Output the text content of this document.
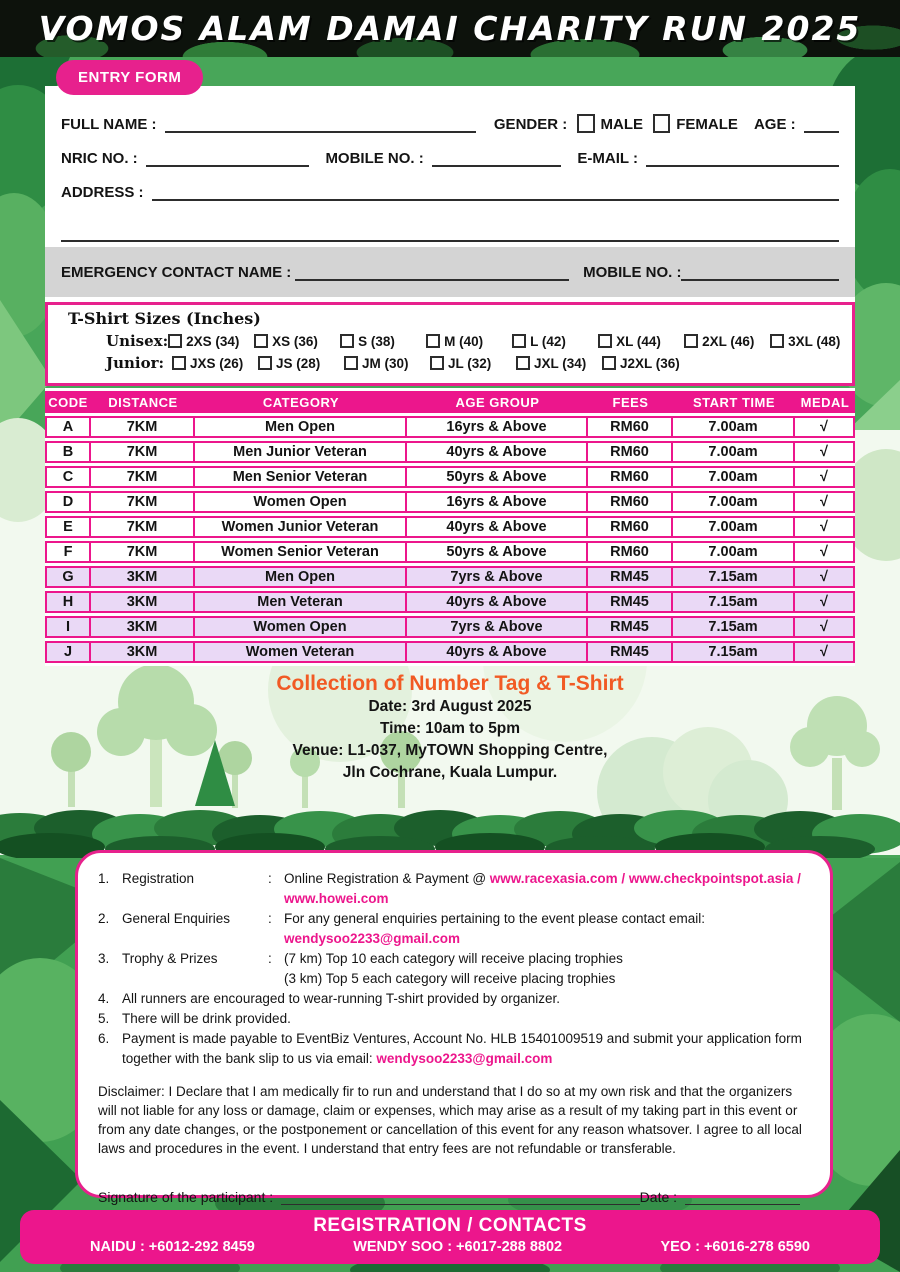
VOMOS ALAM DAMAI CHARITY RUN 2025
ENTRY FORM
FULL NAME :	GENDER : MALE FEMALE AGE :
NRIC NO. :	MOBILE NO. :	E-MAIL :
ADDRESS :
EMERGENCY CONTACT NAME :	MOBILE NO. :
T-Shirt Sizes (Inches)
Unisex: 2XS (34) XS (36)	S (38)	M (40)	L (42)	XL (44)	2XL (46) 3XL (48)
Junior:	JXS (26) JS (28)	JM (30)	JL (32)	JXL (34) J2XL (36)
CODE	DISTANCE	CATEGORY	AGE GROUP	FEES	START TIME	MEDAL
A	7KM	Men Open	16yrs & Above	RM60	7.00am	√
B	7KM	Men Junior Veteran	40yrs & Above	RM60	7.00am	√
C	7KM	Men Senior Veteran	50yrs & Above	RM60	7.00am	√
D	7KM	Women Open	16yrs & Above	RM60	7.00am	√
E	7KM	Women Junior Veteran	40yrs & Above	RM60	7.00am	√
F	7KM	Women Senior Veteran	50yrs & Above	RM60	7.00am	√
G	3KM	Men Open	7yrs & Above	RM45	7.15am	√
H	3KM	Men Veteran	40yrs & Above	RM45	7.15am	√
I	3KM	Women Open	7yrs & Above	RM45	7.15am	√
J	3KM	Women Veteran	40yrs & Above	RM45	7.15am	√
Collection of Number Tag & T-Shirt
Date: 3rd August 2025
Time: 10am to 5pm
Venue: L1-037, MyTOWN Shopping Centre,
Jln Cochrane, Kuala Lumpur.
1. Registration	: Online Registration & Payment @ www.racexasia.com / www.checkpointspot.asia / www.howei.com
2. General Enquiries	: For any general enquiries pertaining to the event please contact email: wendysoo2233@gmail.com
3. Trophy & Prizes	: (7 km) Top 10 each category will receive placing trophies
(3 km) Top 5 each category will receive placing trophies
4. All runners are encouraged to wear-running T-shirt provided by organizer.
5. There will be drink provided.
6. Payment is made payable to EventBiz Ventures, Account No. HLB 15401009519 and submit your application form together with the bank slip to us via email: wendysoo2233@gmail.com
Disclaimer: I Declare that I am medically fir to run and understand that I do so at my own risk and that the organizers will not liable for any loss or damage, claim or expenses, which may arise as a result of my taking part in this event or from any date changes, or the postponement or cancellation of this event for any reason whatsover. I agree to all local laws and procedures in the event. I understand that entry fees are not refundable or transferable.
Signature of the participant :	Date :
REGISTRATION / CONTACTS
NAIDU : +6012-292 8459	WENDY SOO : +6017-288 8802	YEO : +6016-278 6590
